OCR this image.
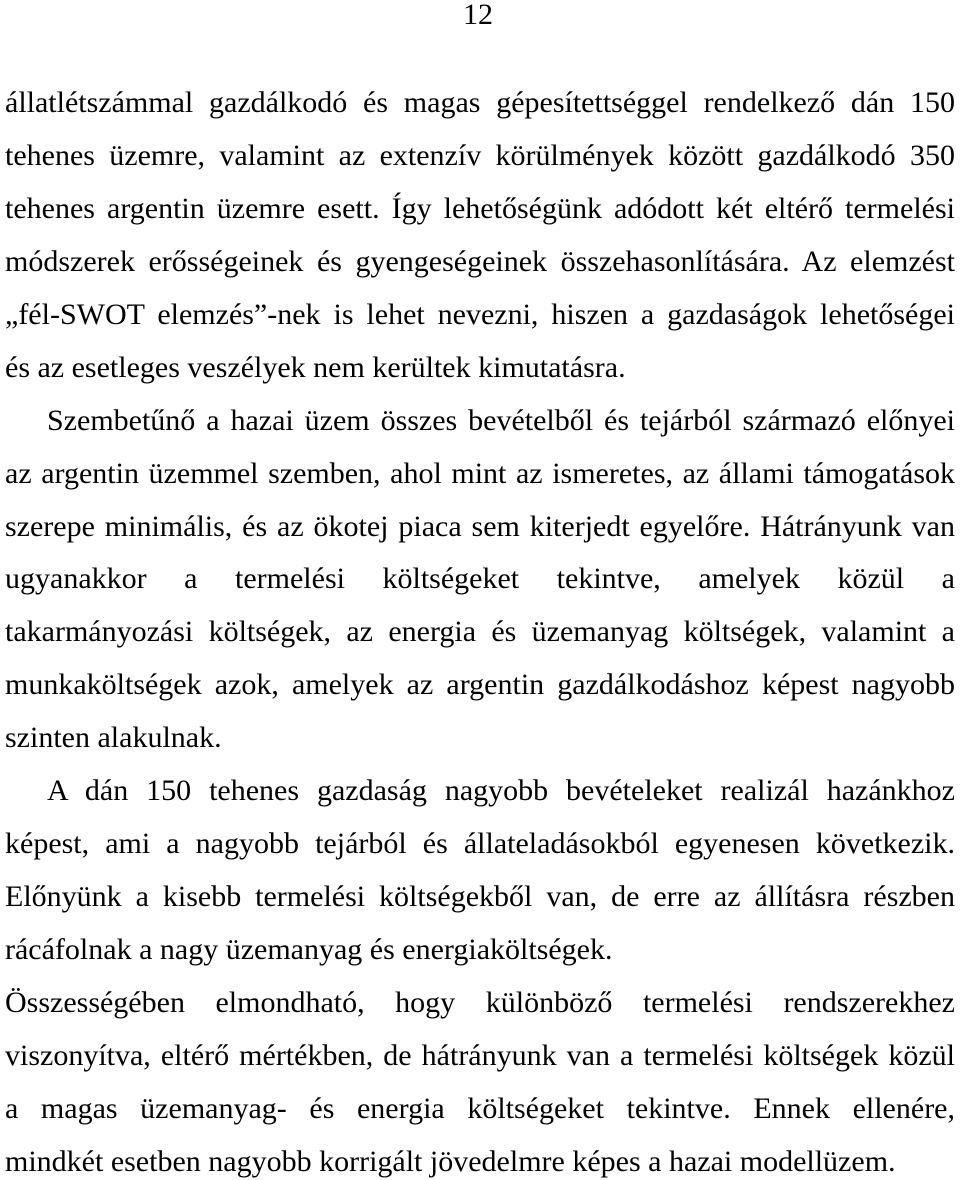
12
állatlétszámmal gazdálkodó és magas gépesítettséggel rendelkező dán 150
tehenes üzemre, valamint az extenzív körülmények között gazdálkodó 350
tehenes argentin üzemre esett. Így lehetőségünk adódott két eltérő termelési
módszerek erősségeinek és gyengeségeinek összehasonlítására. Az elemzést
„fél-SWOT elemzés”-nek is lehet nevezni, hiszen a gazdaságok lehetőségei
és az esetleges veszélyek nem kerültek kimutatásra.
Szembetűnő a hazai üzem összes bevételből és tejárból származó előnyei
az argentin üzemmel szemben, ahol mint az ismeretes, az állami támogatások
szerepe minimális, és az ökotej piaca sem kiterjedt egyelőre. Hátrányunk van
ugyanakkor a termelési költségeket tekintve, amelyek közül a
takarmányozási költségek, az energia és üzemanyag költségek, valamint a
munkaköltségek azok, amelyek az argentin gazdálkodáshoz képest nagyobb
szinten alakulnak.
A dán 150 tehenes gazdaság nagyobb bevételeket realizál hazánkhoz
képest, ami a nagyobb tejárból és állateladásokból egyenesen következik.
Előnyünk a kisebb termelési költségekből van, de erre az állításra részben
rácáfolnak a nagy üzemanyag és energiaköltségek.
Összességében elmondható, hogy különböző termelési rendszerekhez
viszonyítva, eltérő mértékben, de hátrányunk van a termelési költségek közül
a magas üzemanyag- és energia költségeket tekintve. Ennek ellenére,
mindkét esetben nagyobb korrigált jövedelmre képes a hazai modellüzem.
